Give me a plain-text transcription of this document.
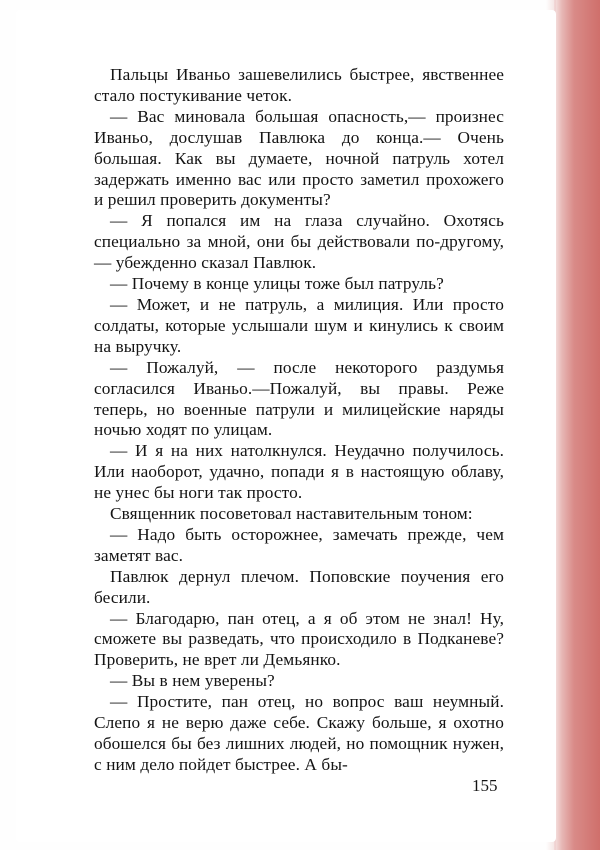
Пальцы Иваньо зашевелились быстрее, явственнее стало постукивание четок.

— Вас миновала большая опасность,— произнес Иваньо, дослушав Павлюка до конца.— Очень большая. Как вы думаете, ночной патруль хотел задержать именно вас или просто заметил прохожего и решил проверить документы?

— Я попался им на глаза случайно. Охотясь специально за мной, они бы действовали по-другому,— убежденно сказал Павлюк.

— Почему в конце улицы тоже был патруль?

— Может, и не патруль, а милиция. Или просто солдаты, которые услышали шум и кинулись к своим на выручку.

— Пожалуй, — после некоторого раздумья согласился Иваньо.—Пожалуй, вы правы. Реже теперь, но военные патрули и милицейские наряды ночью ходят по улицам.

— И я на них натолкнулся. Неудачно получилось. Или наоборот, удачно, попади я в настоящую облаву, не унес бы ноги так просто.

Священник посоветовал наставительным тоном:

— Надо быть осторожнее, замечать прежде, чем заметят вас.

Павлюк дернул плечом. Поповские поучения его бесили.

— Благодарю, пан отец, а я об этом не знал! Ну, сможете вы разведать, что происходило в Подканеве? Проверить, не врет ли Демьянко.

— Вы в нем уверены?

— Простите, пан отец, но вопрос ваш неумный. Слепо я не верю даже себе. Скажу больше, я охотно обошелся бы без лишних людей, но помощник нужен, с ним дело пойдет быстрее. А бы-

155
